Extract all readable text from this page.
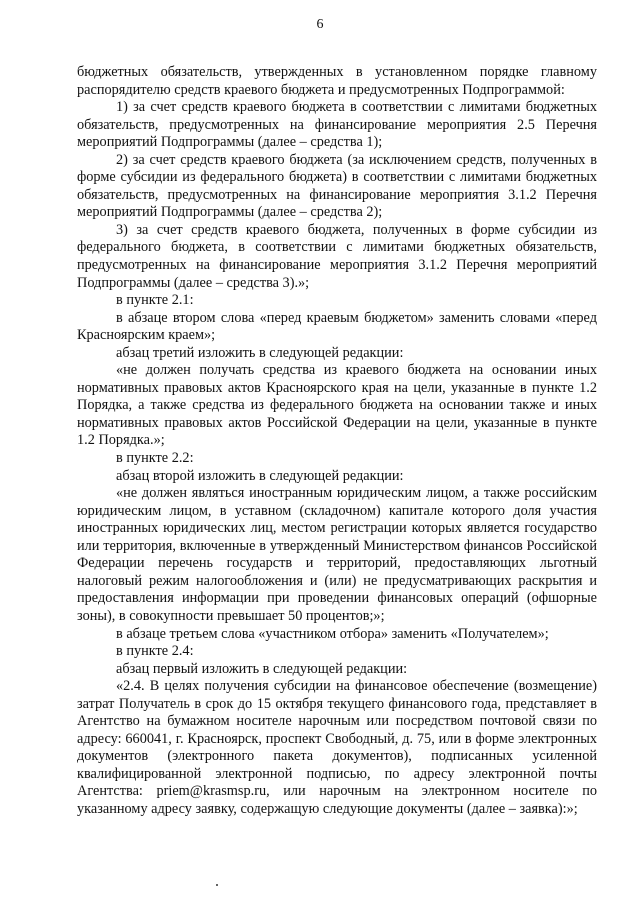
6

бюджетных обязательств, утвержденных в установленном порядке главному распорядителю средств краевого бюджета и предусмотренных Подпрограммой:

1) за счет средств краевого бюджета в соответствии с лимитами бюджетных обязательств, предусмотренных на финансирование мероприятия 2.5 Перечня мероприятий Подпрограммы (далее – средства 1);

2) за счет средств краевого бюджета (за исключением средств, полученных в форме субсидии из федерального бюджета) в соответствии с лимитами бюджетных обязательств, предусмотренных на финансирование мероприятия 3.1.2 Перечня мероприятий Подпрограммы (далее – средства 2);

3) за счет средств краевого бюджета, полученных в форме субсидии из федерального бюджета, в соответствии с лимитами бюджетных обязательств, предусмотренных на финансирование мероприятия 3.1.2 Перечня мероприятий Подпрограммы (далее – средства 3).»;

в пункте 2.1:

в абзаце втором слова «перед краевым бюджетом» заменить словами «перед Красноярским краем»;

абзац третий изложить в следующей редакции:

«не должен получать средства из краевого бюджета на основании иных нормативных правовых актов Красноярского края на цели, указанные в пункте 1.2 Порядка, а также средства из федерального бюджета на основании также и иных нормативных правовых актов Российской Федерации на цели, указанные в пункте 1.2 Порядка.»;

в пункте 2.2:

абзац второй изложить в следующей редакции:

«не должен являться иностранным юридическим лицом, а также российским юридическим лицом, в уставном (складочном) капитале которого доля участия иностранных юридических лиц, местом регистрации которых является государство или территория, включенные в утвержденный Министерством финансов Российской Федерации перечень государств и территорий, предоставляющих льготный налоговый режим налогообложения и (или) не предусматривающих раскрытия и предоставления информации при проведении финансовых операций (офшорные зоны), в совокупности превышает 50 процентов;»;

в абзаце третьем слова «участником отбора» заменить «Получателем»;

в пункте 2.4:

абзац первый изложить в следующей редакции:

«2.4. В целях получения субсидии на финансовое обеспечение (возмещение) затрат Получатель в срок до 15 октября текущего финансового года, представляет в Агентство на бумажном носителе нарочным или посредством почтовой связи по адресу: 660041, г. Красноярск, проспект Свободный, д. 75, или в форме электронных документов (электронного пакета документов), подписанных усиленной квалифицированной электронной подписью, по адресу электронной почты Агентства: priem@krasmsp.ru, или нарочным на электронном носителе по указанному адресу заявку, содержащую следующие документы (далее – заявка):»;
